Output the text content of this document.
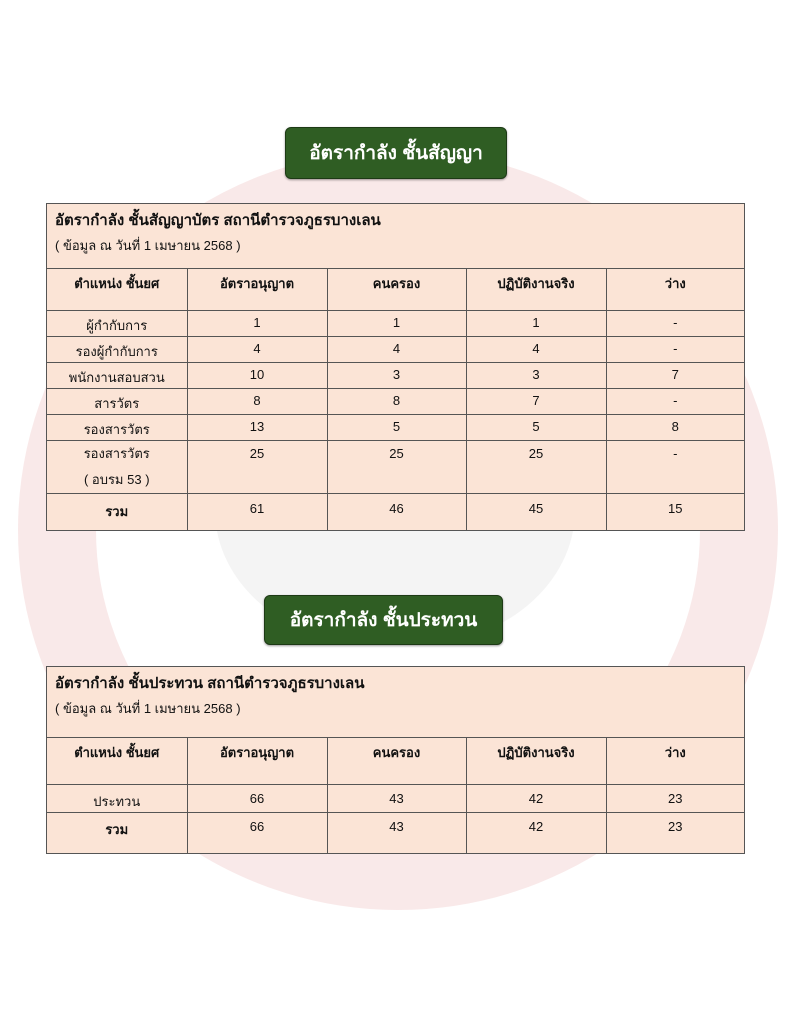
อัตรากำลัง ชั้นสัญญา
อัตรากำลัง ชั้นสัญญาบัตร สถานีตำรวจภูธรบางเลน
( ข้อมูล ณ วันที่ 1 เมษายน 2568 )
ตำแหน่ง ชั้นยศ	อัตราอนุญาต	คนครอง	ปฏิบัติงานจริง	ว่าง
ผู้กำกับการ	1	1	1	-
รองผู้กำกับการ	4	4	4	-
พนักงานสอบสวน	10	3	3	7
สารวัตร	8	8	7	-
รองสารวัตร	13	5	5	8

รองสารวัตร
( อบรม 53 )	25	25	25	-
รวม	61	46	45	15
อัตรากำลัง ชั้นประทวน
อัตรากำลัง ชั้นประทวน สถานีตำรวจภูธรบางเลน
( ข้อมูล ณ วันที่ 1 เมษายน 2568 )
ตำแหน่ง ชั้นยศ	อัตราอนุญาต	คนครอง	ปฏิบัติงานจริง	ว่าง
ประทวน	66	43	42	23
รวม	66	43	42	23
